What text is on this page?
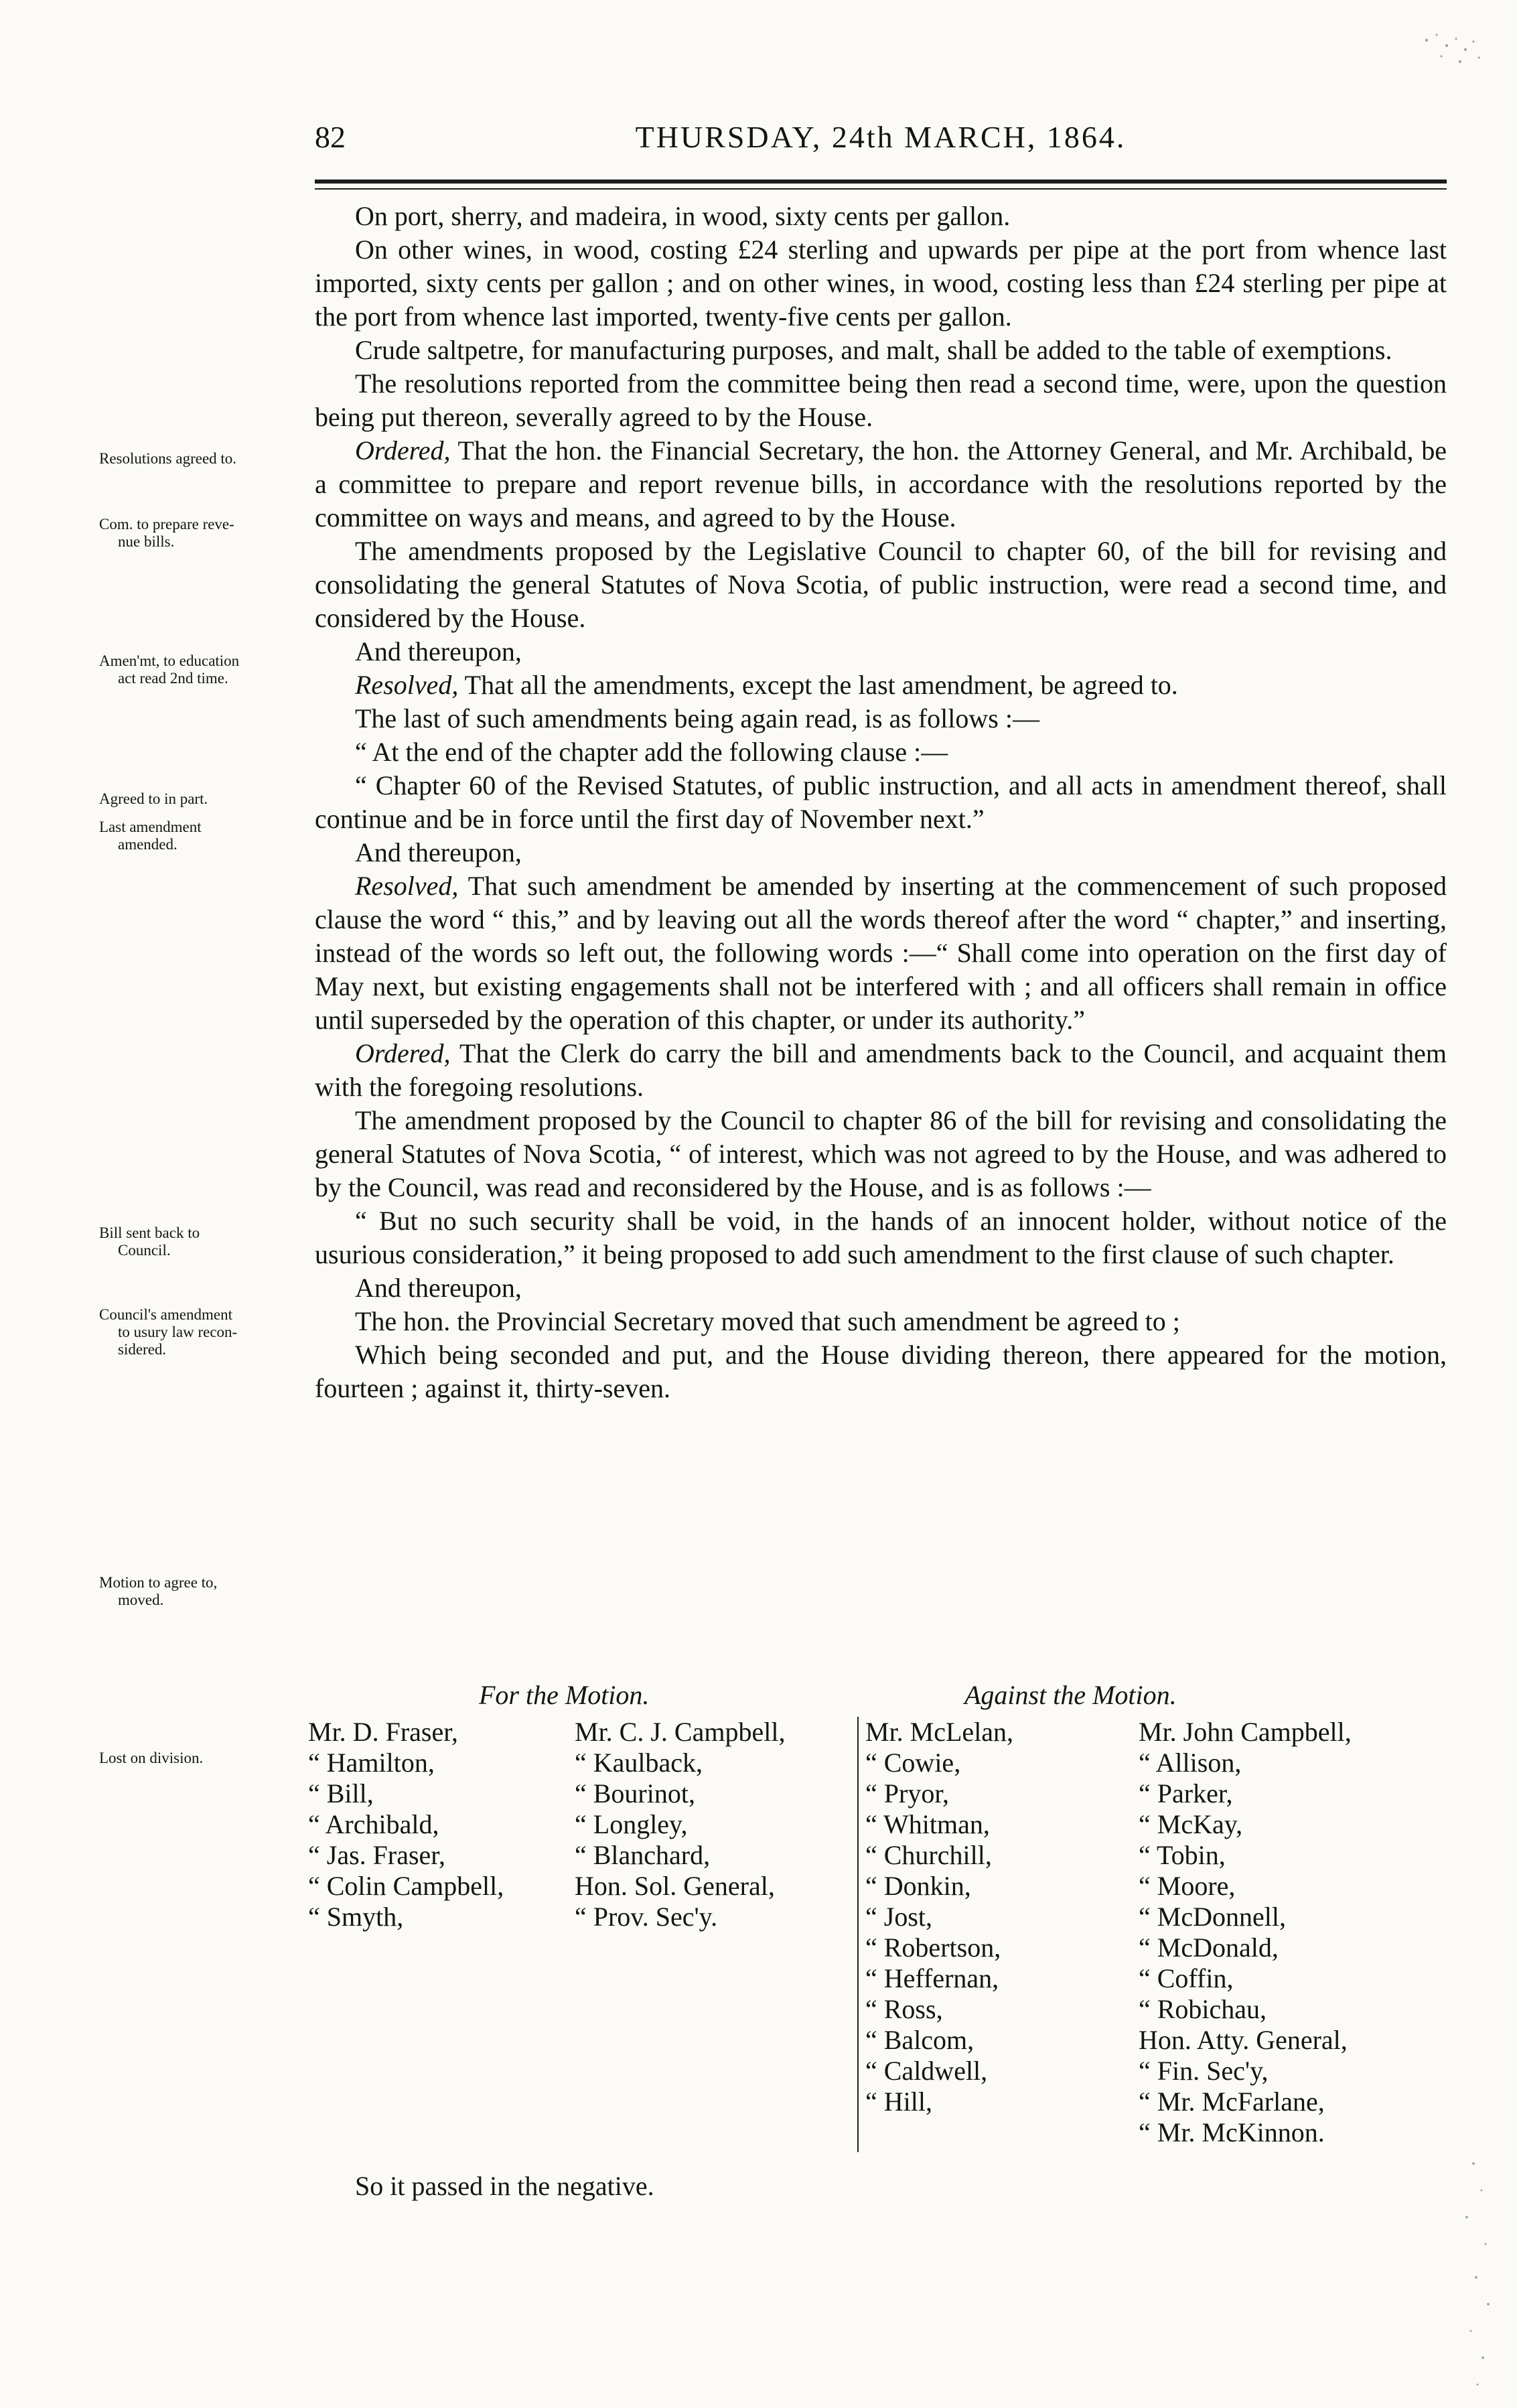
82	THURSDAY, 24th MARCH, 1864.

On port, sherry, and madeira, in wood, sixty cents per gallon.

On other wines, in wood, costing £24 sterling and upwards per pipe at the port from whence last imported, sixty cents per gallon ; and on other wines, in wood, costing less than £24 sterling per pipe at the port from whence last imported, twenty-five cents per gallon.

Crude saltpetre, for manufacturing purposes, and malt, shall be added to the table of exemptions.

The resolutions reported from the committee being then read a second time, were, upon the question being put thereon, severally agreed to by the House.

Ordered, That the hon. the Financial Secretary, the hon. the Attorney General, and Mr. Archibald, be a committee to prepare and report revenue bills, in accordance with the resolutions reported by the committee on ways and means, and agreed to by the House.

The amendments proposed by the Legislative Council to chapter 60, of the bill for revising and consolidating the general Statutes of Nova Scotia, of public instruction, were read a second time, and considered by the House.

And thereupon,

Resolved, That all the amendments, except the last amendment, be agreed to.

The last of such amendments being again read, is as follows :—

“ At the end of the chapter add the following clause :—

“ Chapter 60 of the Revised Statutes, of public instruction, and all acts in amendment thereof, shall continue and be in force until the first day of November next.”

And thereupon,

Resolved, That such amendment be amended by inserting at the commencement of such proposed clause the word “ this,” and by leaving out all the words thereof after the word “ chapter,” and inserting, instead of the words so left out, the following words :—“ Shall come into operation on the first day of May next, but existing engagements shall not be interfered with ; and all officers shall remain in office until superseded by the operation of this chapter, or under its authority.”

Ordered, That the Clerk do carry the bill and amendments back to the Council, and acquaint them with the foregoing resolutions.

The amendment proposed by the Council to chapter 86 of the bill for revising and consolidating the general Statutes of Nova Scotia, “ of interest, which was not agreed to by the House, and was adhered to by the Council, was read and reconsidered by the House, and is as follows :—

“ But no such security shall be void, in the hands of an innocent holder, without notice of the usurious consideration,” it being proposed to add such amendment to the first clause of such chapter.

And thereupon,

The hon. the Provincial Secretary moved that such amendment be agreed to ;

Which being seconded and put, and the House dividing thereon, there appeared for the motion, fourteen ; against it, thirty-seven.

Resolutions agreed to.
Com. to prepare reve-
nue bills.
Amen'mt, to education
act read 2nd time.
Agreed to in part.
Last amendment
amended.
Bill sent back to
Council.
Council's amendment
to usury law recon-
sidered.
Motion to agree to,
moved.
Lost on division.
For the Motion.	Against the Motion.
Mr. D. Fraser,
“ Hamilton,
“ Bill,
“ Archibald,
“ Jas. Fraser,
“ Colin Campbell,
“ Smyth,
Mr. C. J. Campbell,
“ Kaulback,
“ Bourinot,
“ Longley,
“ Blanchard,
Hon. Sol. General,
“ Prov. Sec'y.
Mr. McLelan,
“ Cowie,
“ Pryor,
“ Whitman,
“ Churchill,
“ Donkin,
“ Jost,
“ Robertson,
“ Heffernan,
“ Ross,
“ Balcom,
“ Caldwell,
“ Hill,
Mr. John Campbell,
“ Allison,
“ Parker,
“ McKay,
“ Tobin,
“ Moore,
“ McDonnell,
“ McDonald,
“ Coffin,
“ Robichau,
Hon. Atty. General,
“ Fin. Sec'y,
“ Mr. McFarlane,
“ Mr. McKinnon.
So it passed in the negative.
